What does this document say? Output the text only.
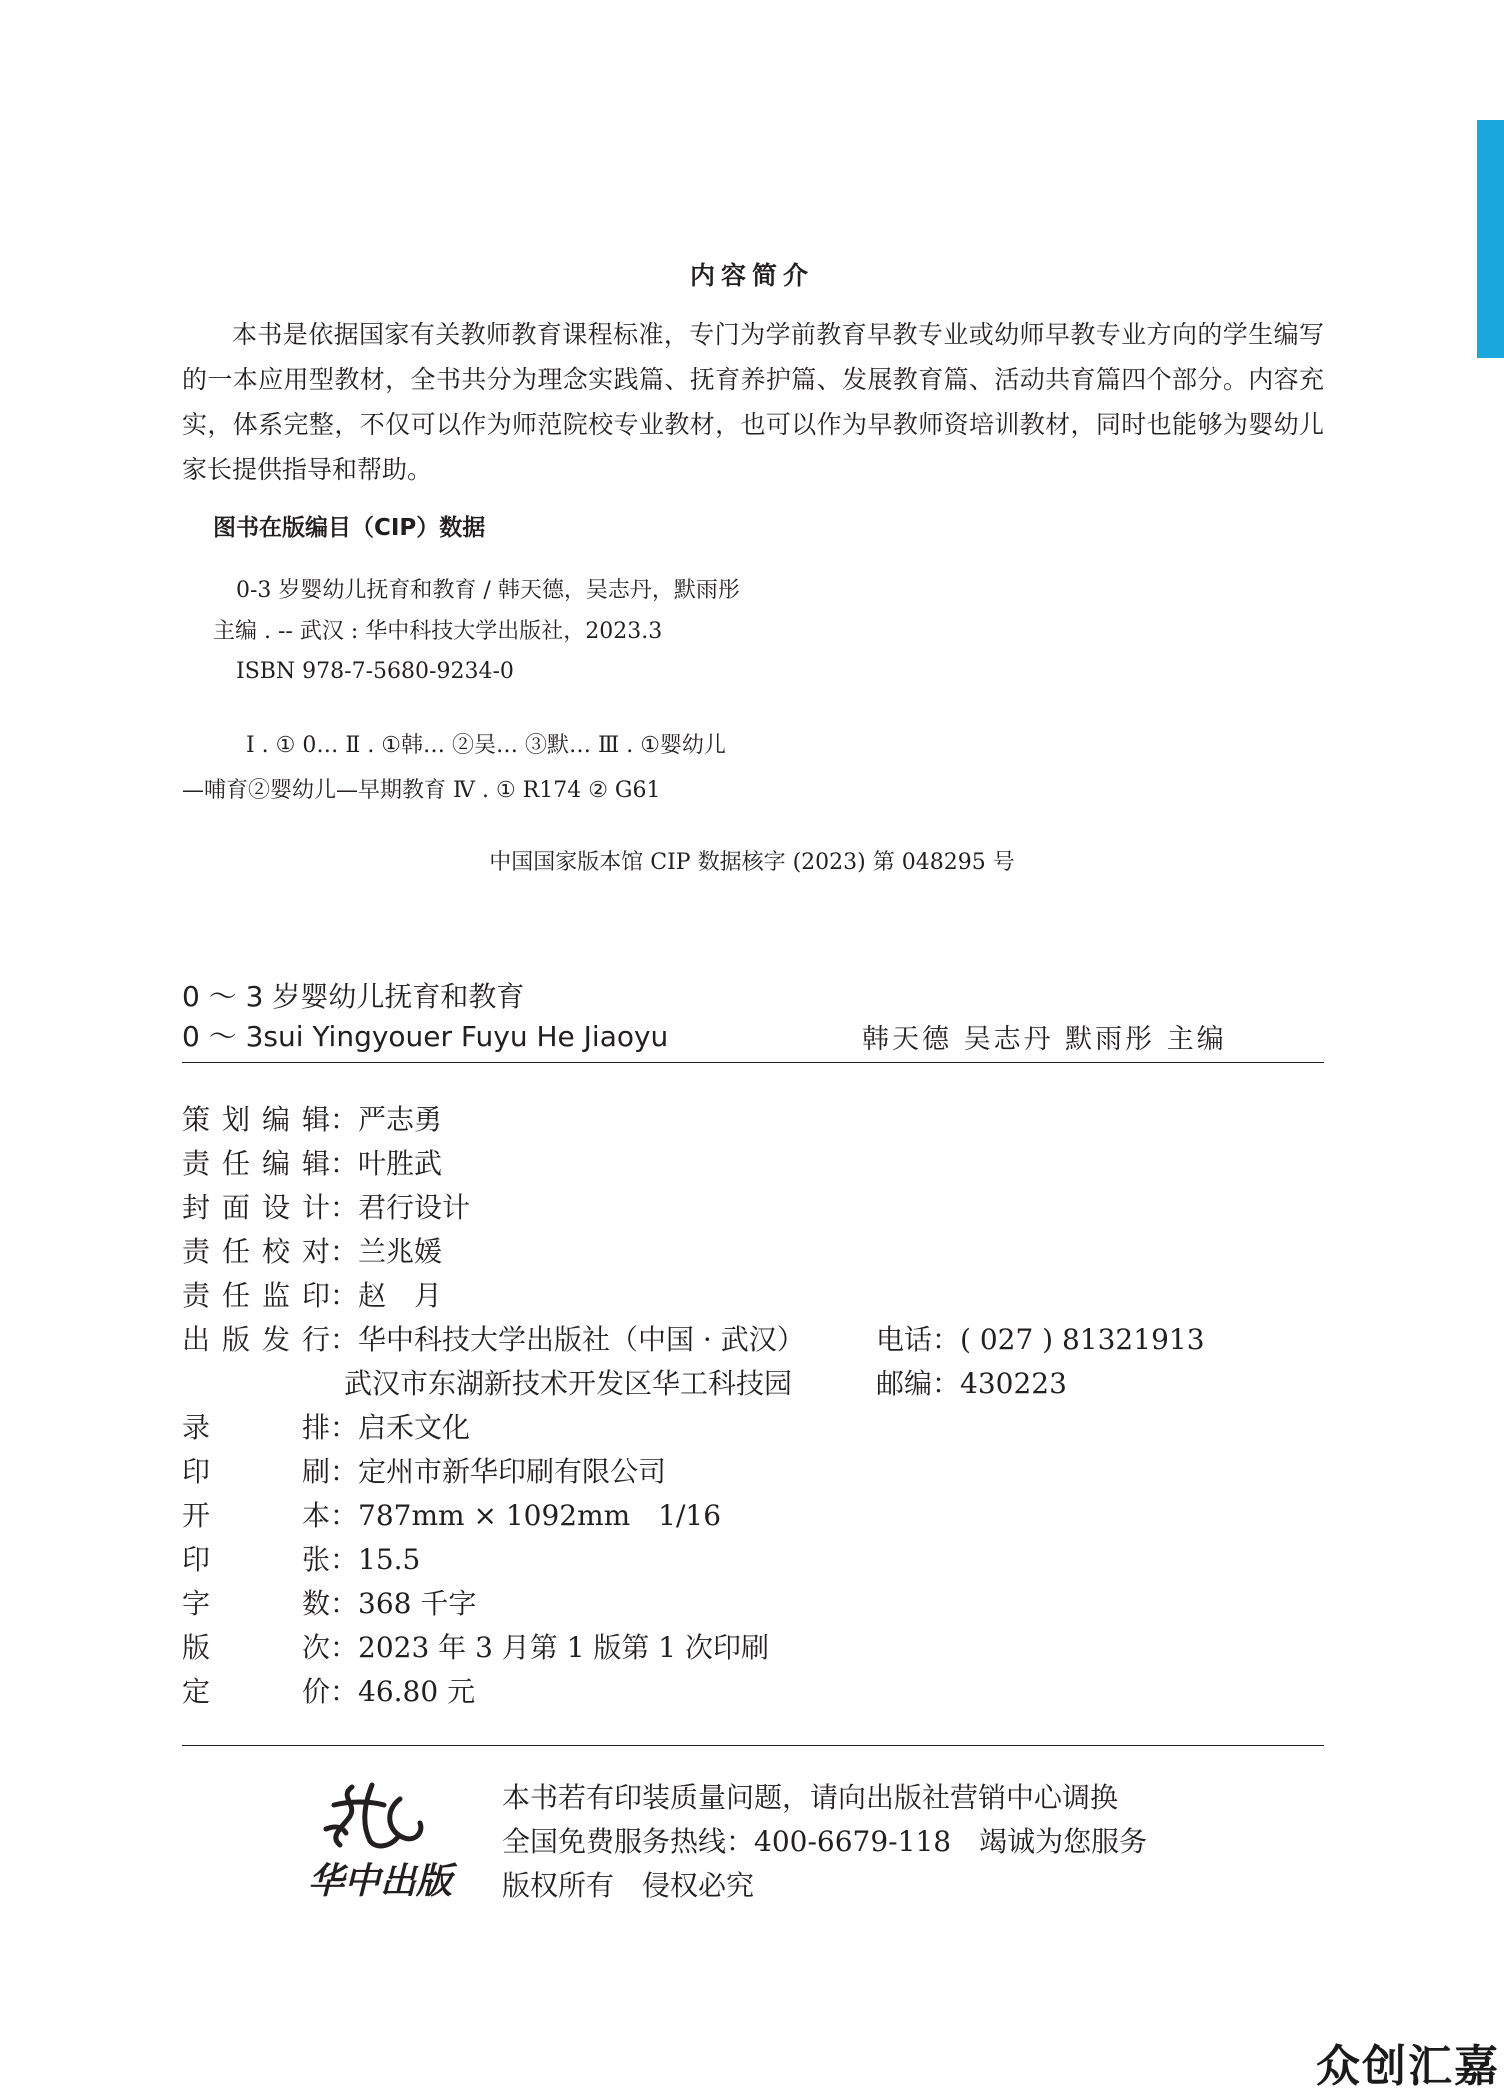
内容简介

本书是依据国家有关教师教育课程标准，专门为学前教育早教专业或幼师早教专业方向的学生编写的一本应用型教材，全书共分为理念实践篇、抚育养护篇、发展教育篇、活动共育篇四个部分。内容充实，体系完整，不仅可以作为师范院校专业教材，也可以作为早教师资培训教材，同时也能够为婴幼儿家长提供指导和帮助。

图书在版编目（CIP）数据
0-3 岁婴幼儿抚育和教育 / 韩天德，吴志丹，默雨彤
主编 . -- 武汉 : 华中科技大学出版社，2023.3
ISBN 978-7-5680-9234-0
Ⅰ . ① 0… Ⅱ . ①韩… ②吴… ③默… Ⅲ . ①婴幼儿
—哺育②婴幼儿—早期教育 Ⅳ . ① R174 ② G61
中国国家版本馆 CIP 数据核字 (2023) 第 048295 号
0 ～ 3 岁婴幼儿抚育和教育
0 ～ 3sui Yingyouer Fuyu He Jiaoyu	韩天德 吴志丹 默雨彤 主编
策划编辑：严志勇
责任编辑：叶胜武
封面设计：君行设计
责任校对：兰兆媛
责任监印：赵　月
出版发行：华中科技大学出版社（中国 · 武汉）	电话：( 027 ) 81321913
武汉市东湖新技术开发区华工科技园	邮编：430223
录排：启禾文化
印刷：定州市新华印刷有限公司
开本：787mm × 1092mm　1/16
印张：15.5
字数：368 千字
版次：2023 年 3 月第 1 版第 1 次印刷
定价：46.80 元
华中出版
本书若有印装质量问题，请向出版社营销中心调换
全国免费服务热线：400-6679-118　竭诚为您服务
版权所有　侵权必究
众创汇嘉
